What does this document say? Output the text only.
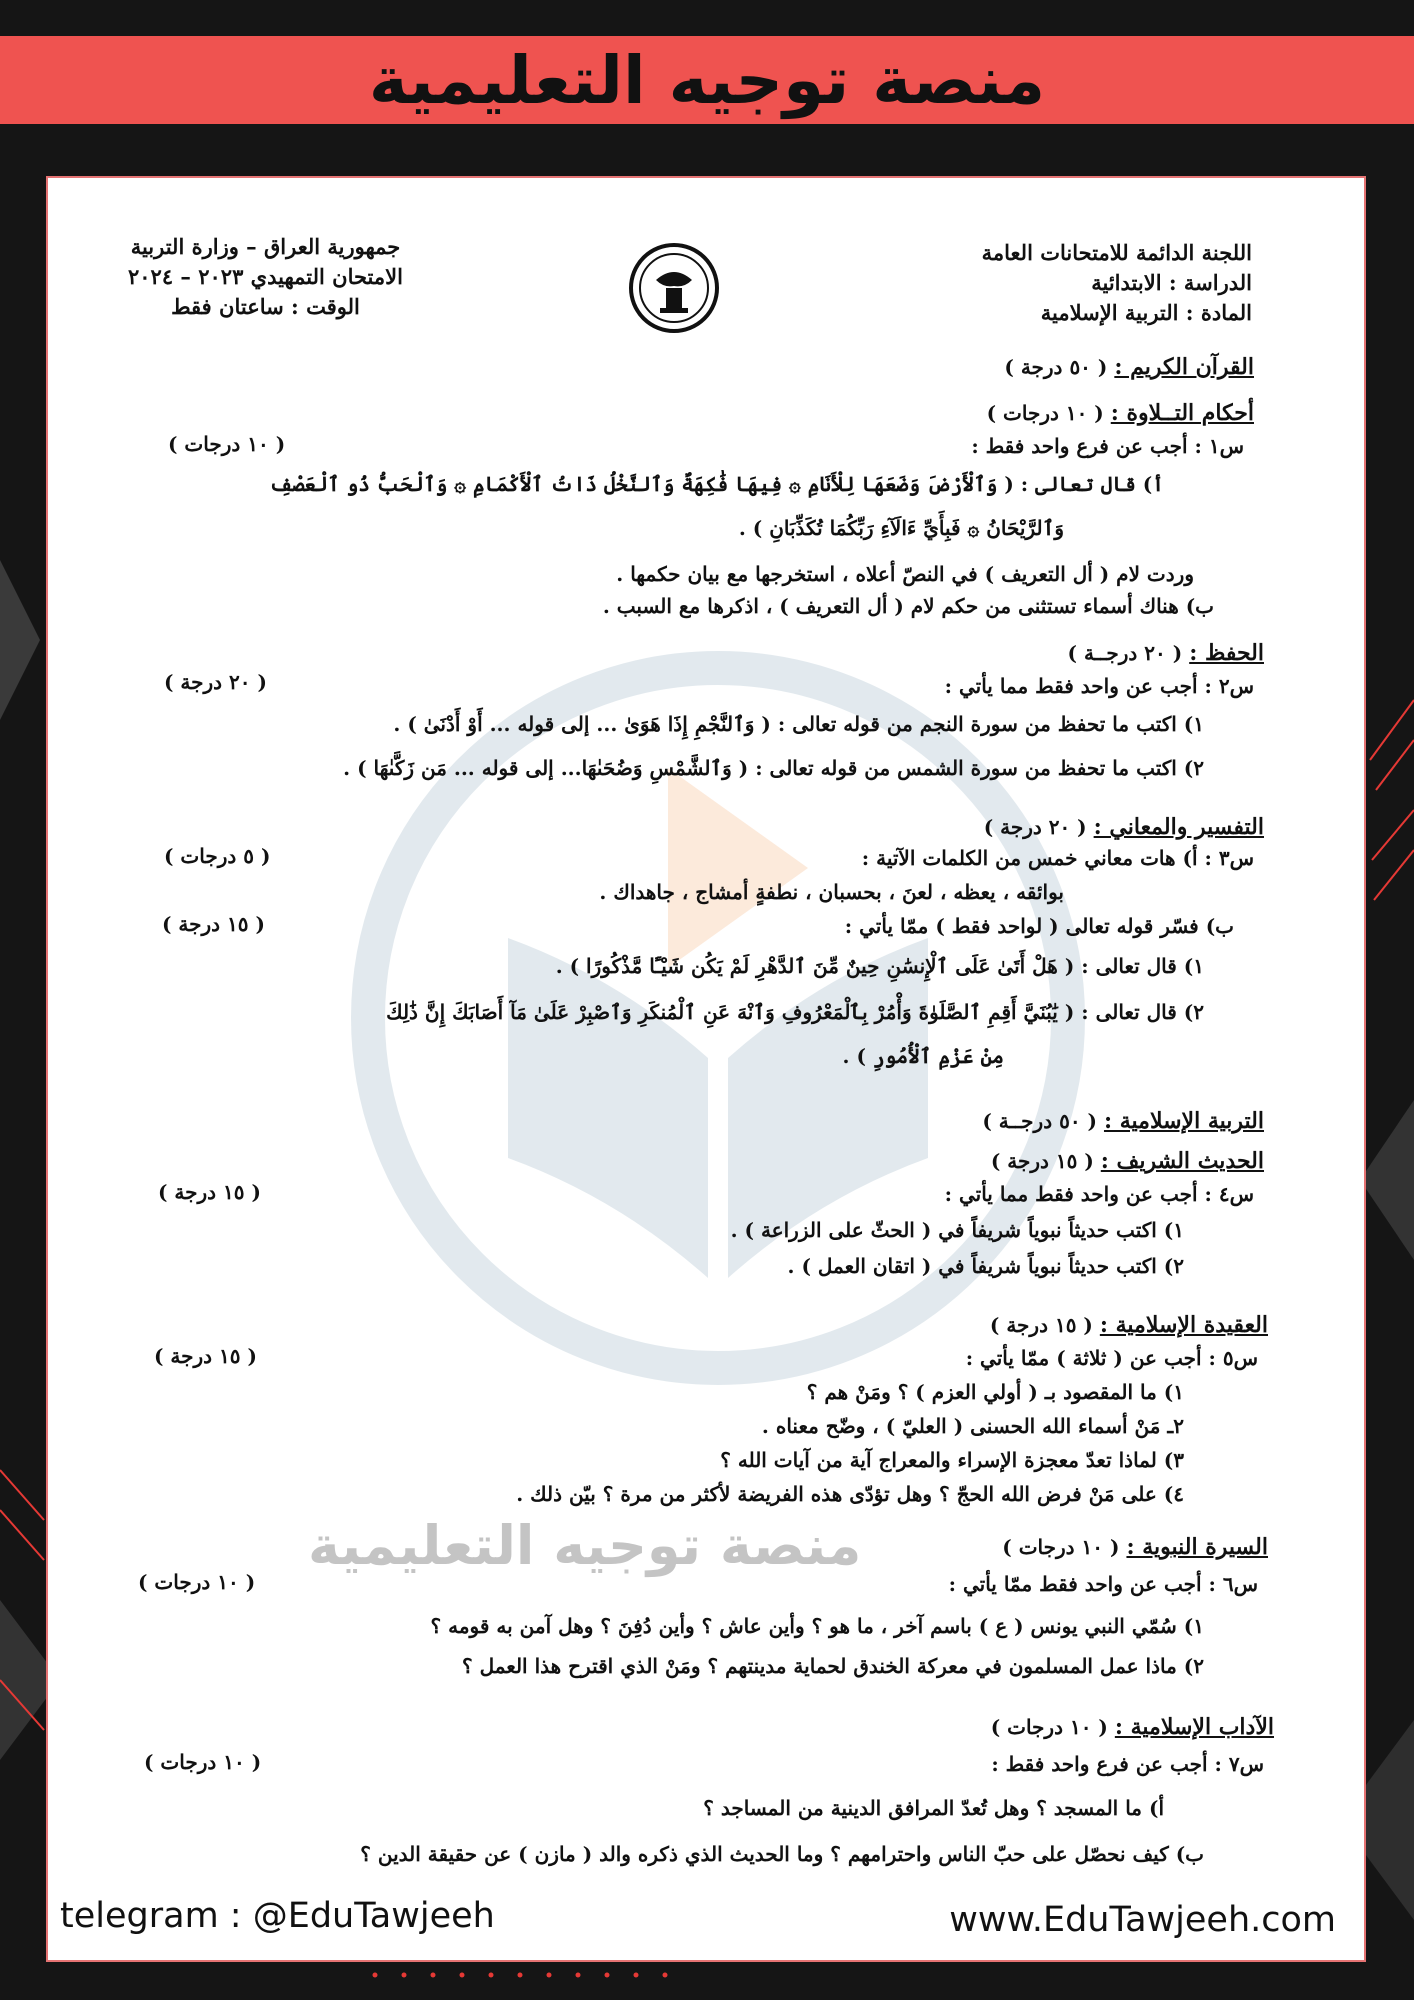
منصة توجيه التعليمية
منصة توجيه التعليمية
اللجنة الدائمة للامتحانات العامة
الدراسة : الابتدائية
المادة : التربية الإسلامية
جمهورية العراق – وزارة التربية
الامتحان التمهيدي ٢٠٢٣ – ٢٠٢٤
الوقت : ساعتان فقط
القرآن الكريم : ( ٥٠ درجة )
أحكام التــلاوة : ( ١٠ درجات )
س١ : أجب عن فرع واحد فقط :
( ١٠ درجات )
أ) قال تعالى : ( وَٱلْأَرْضَ وَضَعَهَا لِلْأَنَامِ ۞ فِيهَا فَٰكِهَةٌ وَٱلنَّخْلُ ذَاتُ ٱلْأَكْمَامِ ۞ وَٱلْحَبُّ ذُو ٱلْعَصْفِ
وَٱلرَّيْحَانُ ۞ فَبِأَيِّ ءَالَآءِ رَبِّكُمَا تُكَذِّبَانِ ) .
وردت لام ( أل التعريف ) في النصّ أعلاه ، استخرجها مع بيان حكمها .
ب) هناك أسماء تستثنى من حكم لام ( أل التعريف ) ، اذكرها مع السبب .
الحفظ : ( ٢٠ درجــة )
س٢ : أجب عن واحد فقط مما يأتي :
( ٢٠ درجة )
١) اكتب ما تحفظ من سورة النجم من قوله تعالى : ( وَٱلنَّجْمِ إِذَا هَوَىٰ ... إلى قوله ... أَوْ أَدْنَىٰ ) .
٢) اكتب ما تحفظ من سورة الشمس من قوله تعالى : ( وَٱلشَّمْسِ وَضُحَىٰهَا... إلى قوله ... مَن زَكَّىٰهَا ) .
التفسير والمعاني : ( ٢٠ درجة )
س٣ : أ) هات معاني خمس من الكلمات الآتية :
( ٥ درجات )
بوائقه ، يعظه ، لعنَ ، بحسبان ، نطفةٍ أمشاج ، جاهداك .
ب) فسّر قوله تعالى ( لواحد فقط ) ممّا يأتي :
( ١٥ درجة )
١) قال تعالى : ( هَلْ أَتَىٰ عَلَى ٱلْإِنسَٰنِ حِينٌ مِّنَ ٱلدَّهْرِ لَمْ يَكُن شَيْـًٔا مَّذْكُورًا ) .
٢) قال تعالى : ( يَٰبُنَيَّ أَقِمِ ٱلصَّلَوٰةَ وَأْمُرْ بِٱلْمَعْرُوفِ وَٱنْهَ عَنِ ٱلْمُنكَرِ وَٱصْبِرْ عَلَىٰ مَآ أَصَابَكَ إِنَّ ذَٰلِكَ
مِنْ عَزْمِ ٱلْأُمُورِ ) .
التربية الإسلامية : ( ٥٠ درجــة )
الحديث الشريف : ( ١٥ درجة )
س٤ : أجب عن واحد فقط مما يأتي :
( ١٥ درجة )
١) اكتب حديثاً نبوياً شريفاً في ( الحثّ على الزراعة ) .
٢) اكتب حديثاً نبوياً شريفاً في ( اتقان العمل ) .
العقيدة الإسلامية : ( ١٥ درجة )
س٥ : أجب عن ( ثلاثة ) ممّا يأتي :
( ١٥ درجة )
١) ما المقصود بـ ( أولي العزم ) ؟ ومَنْ هم ؟
٢ـ مَنْ أسماء الله الحسنى ( العليّ ) ، وضّح معناه .
٣) لماذا تعدّ معجزة الإسراء والمعراج آية من آيات الله ؟
٤) على مَنْ فرض الله الحجّ ؟ وهل تؤدّى هذه الفريضة لأكثر من مرة ؟ بيّن ذلك .
السيرة النبوية : ( ١٠ درجات )
س٦ : أجب عن واحد فقط ممّا يأتي :
( ١٠ درجات )
١) سُمّي النبي يونس ( ع ) باسم آخر ، ما هو ؟ وأين عاش ؟ وأين دُفِنَ ؟ وهل آمن به قومه ؟
٢) ماذا عمل المسلمون في معركة الخندق لحماية مدينتهم ؟ ومَنْ الذي اقترح هذا العمل ؟
الآداب الإسلامية : ( ١٠ درجات )
س٧ : أجب عن فرع واحد فقط :
( ١٠ درجات )
أ) ما المسجد ؟ وهل تُعدّ المرافق الدينية من المساجد ؟
ب) كيف نحصّل على حبّ الناس واحترامهم ؟ وما الحديث الذي ذكره والد ( مازن ) عن حقيقة الدين ؟
telegram : @EduTawjeeh	www.EduTawjeeh.com
